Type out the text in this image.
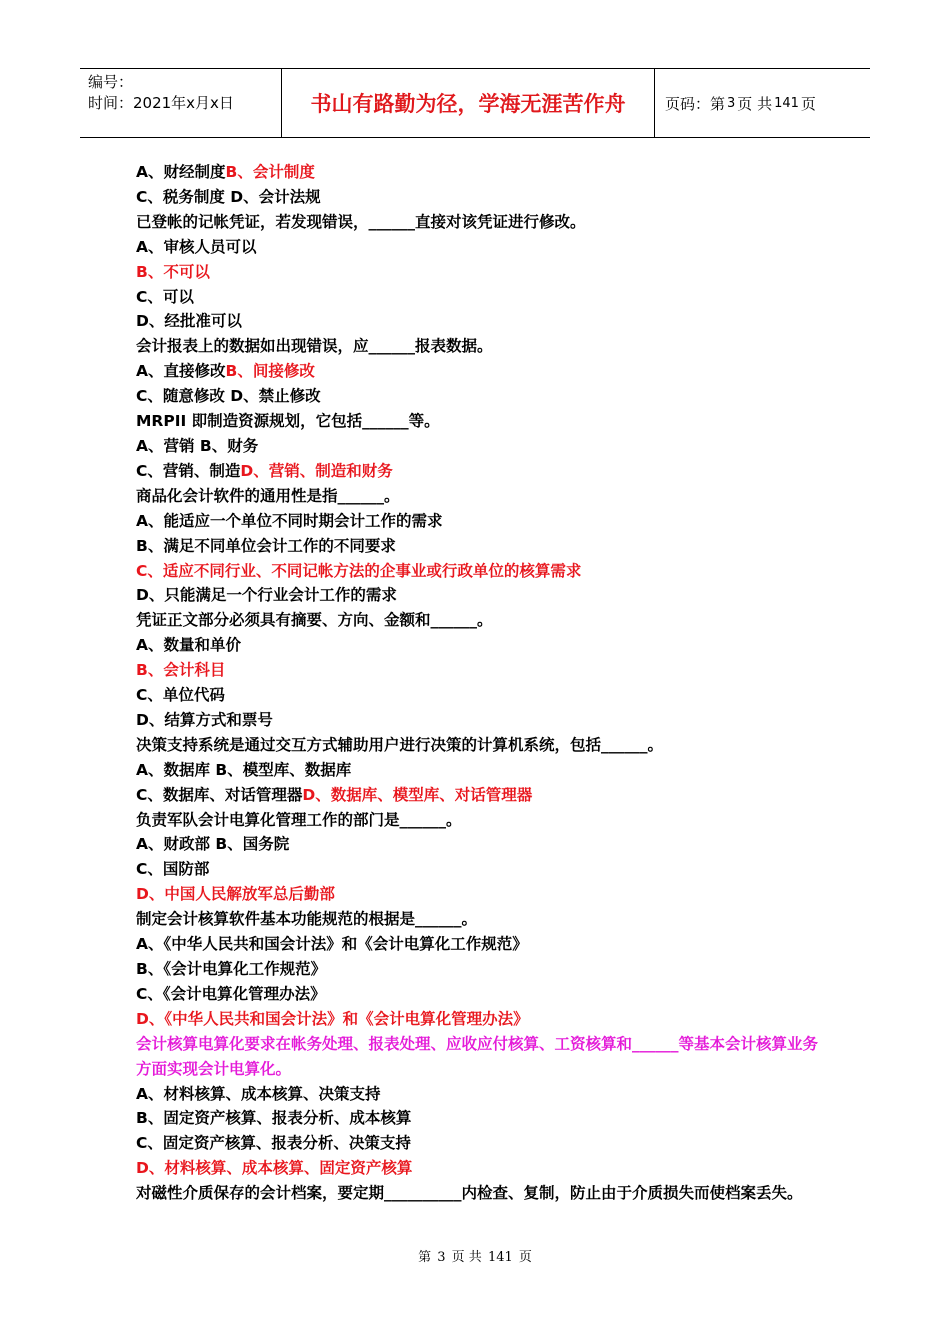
编号：
时间：2021年x月x日	书山有路勤为径，学海无涯苦作舟	页码：第 3 页 共 141 页
A、财经制度B、会计制度
C、税务制度 D、会计法规
已登帐的记帐凭证，若发现错误，______直接对该凭证进行修改。
A、审核人员可以
B、不可以
C、可以
D、经批准可以
会计报表上的数据如出现错误，应______报表数据。
A、直接修改B、间接修改
C、随意修改 D、禁止修改
MRPII 即制造资源规划，它包括______等。
A、营销 B、财务
C、营销、制造D、营销、制造和财务
商品化会计软件的通用性是指______。
A、能适应一个单位不同时期会计工作的需求
B、满足不同单位会计工作的不同要求
C、适应不同行业、不同记帐方法的企事业或行政单位的核算需求
D、只能满足一个行业会计工作的需求
凭证正文部分必须具有摘要、方向、金额和______。
A、数量和单价
B、会计科目
C、单位代码
D、结算方式和票号
决策支持系统是通过交互方式辅助用户进行决策的计算机系统，包括______。
A、数据库 B、模型库、数据库
C、数据库、对话管理器D、数据库、模型库、对话管理器
负责军队会计电算化管理工作的部门是______。
A、财政部 B、国务院
C、国防部
D、中国人民解放军总后勤部
制定会计核算软件基本功能规范的根据是______。
A、《中华人民共和国会计法》和《会计电算化工作规范》
B、《会计电算化工作规范》
C、《会计电算化管理办法》
D、《中华人民共和国会计法》和《会计电算化管理办法》
会计核算电算化要求在帐务处理、报表处理、应收应付核算、工资核算和______等基本会计核算业务方面实现会计电算化。
A、材料核算、成本核算、决策支持
B、固定资产核算、报表分析、成本核算
C、固定资产核算、报表分析、决策支持
D、材料核算、成本核算、固定资产核算
对磁性介质保存的会计档案，要定期__________内检查、复制，防止由于介质损失而使档案丢失。
第 3 页 共 141 页
